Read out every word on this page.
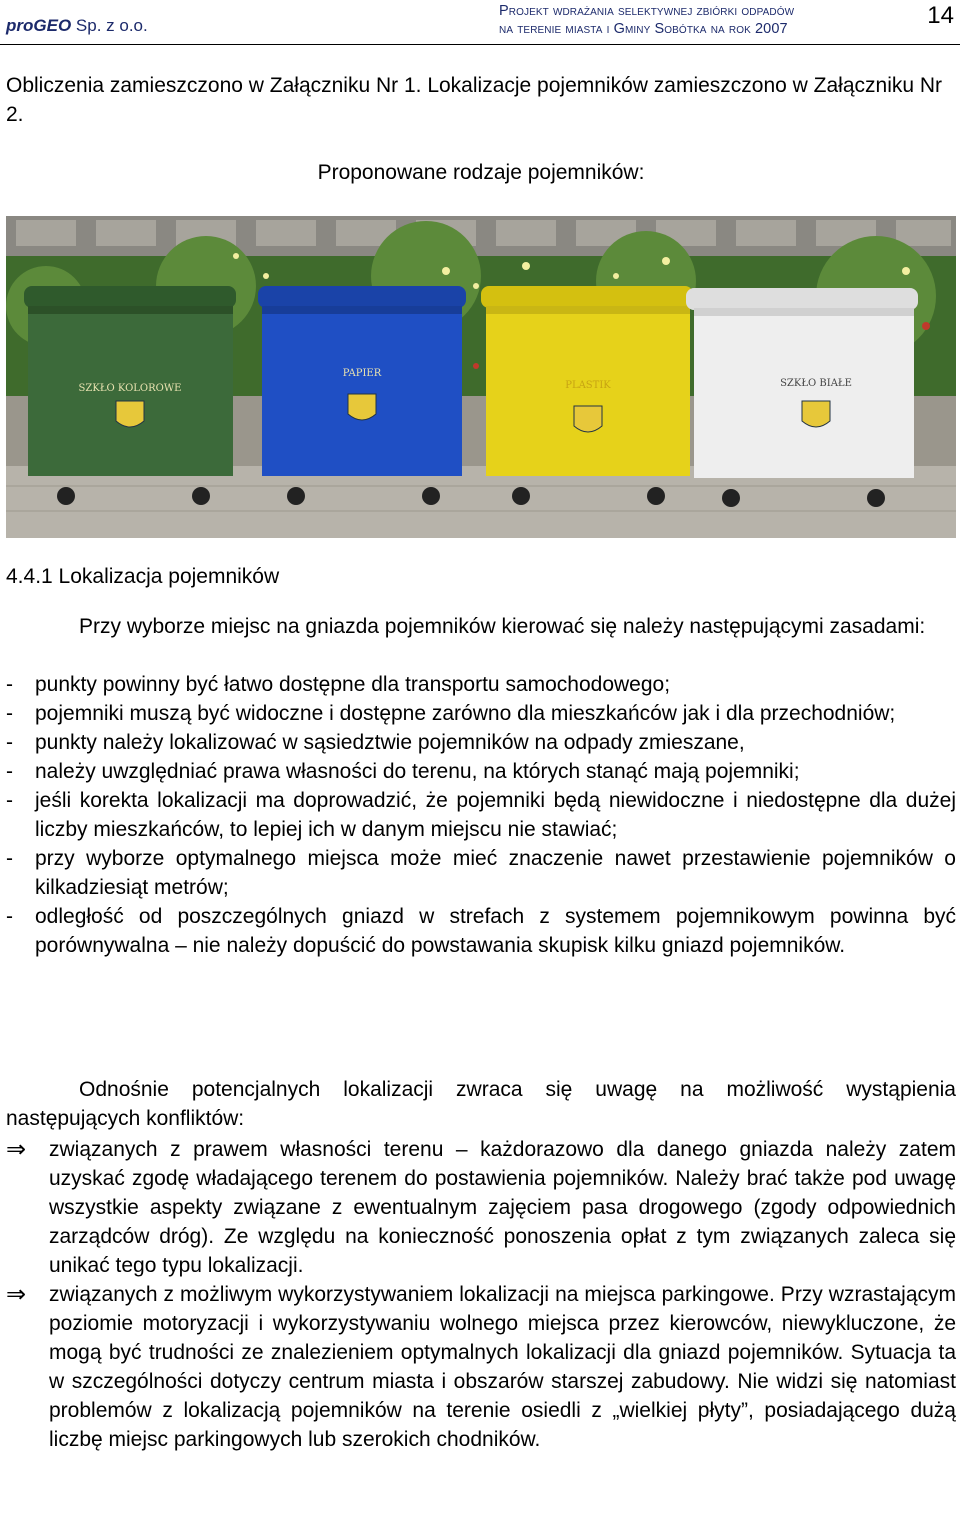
proGEO Sp. z o.o.
Projekt wdrażania selektywnej zbiórki odpadów
na terenie miasta i Gminy Sobótka na rok 2007	14
Obliczenia zamieszczono w Załączniku Nr 1. Lokalizacje pojemników zamieszczono w Załączniku Nr 2.
Proponowane rodzaje pojemników:
SZKŁO KOLOROWE
PAPIER
PLASTIK	SZKŁO BIAŁE
4.4.1 Lokalizacja pojemników
Przy wyborze miejsc na gniazda pojemników kierować się należy następującymi zasadami:
- punkty powinny być łatwo dostępne dla transportu samochodowego;
- pojemniki muszą być widoczne i dostępne zarówno dla mieszkańców jak i dla przechodniów;
- punkty należy lokalizować w sąsiedztwie pojemników na odpady zmieszane,
- należy uwzględniać prawa własności do terenu, na których stanąć mają pojemniki;
- jeśli korekta lokalizacji ma doprowadzić, że pojemniki będą niewidoczne i niedostępne dla dużej liczby mieszkańców, to lepiej ich w danym miejscu nie stawiać;
- przy wyborze optymalnego miejsca może mieć znaczenie nawet przestawienie pojemników o kilkadziesiąt metrów;
- odległość od poszczególnych gniazd w strefach z systemem pojemnikowym powinna być porównywalna – nie należy dopuścić do powstawania skupisk kilku gniazd pojemników.
Odnośnie potencjalnych lokalizacji zwraca się uwagę na możliwość wystąpienia następujących konfliktów:
⇒ związanych z prawem własności terenu – każdorazowo dla danego gniazda należy zatem uzyskać zgodę władającego terenem do postawienia pojemników. Należy brać także pod uwagę wszystkie aspekty związane z ewentualnym zajęciem pasa drogowego (zgody odpowiednich zarządców dróg). Ze względu na konieczność ponoszenia opłat z tym związanych zaleca się unikać tego typu lokalizacji.
⇒ związanych z możliwym wykorzystywaniem lokalizacji na miejsca parkingowe. Przy wzrastającym poziomie motoryzacji i wykorzystywaniu wolnego miejsca przez kierowców, niewykluczone, że mogą być trudności ze znalezieniem optymalnych lokalizacji dla gniazd pojemników. Sytuacja ta w szczególności dotyczy centrum miasta i obszarów starszej zabudowy. Nie widzi się natomiast problemów z lokalizacją pojemników na terenie osiedli z „wielkiej płyty”, posiadającego dużą liczbę miejsc parkingowych lub szerokich chodników.
